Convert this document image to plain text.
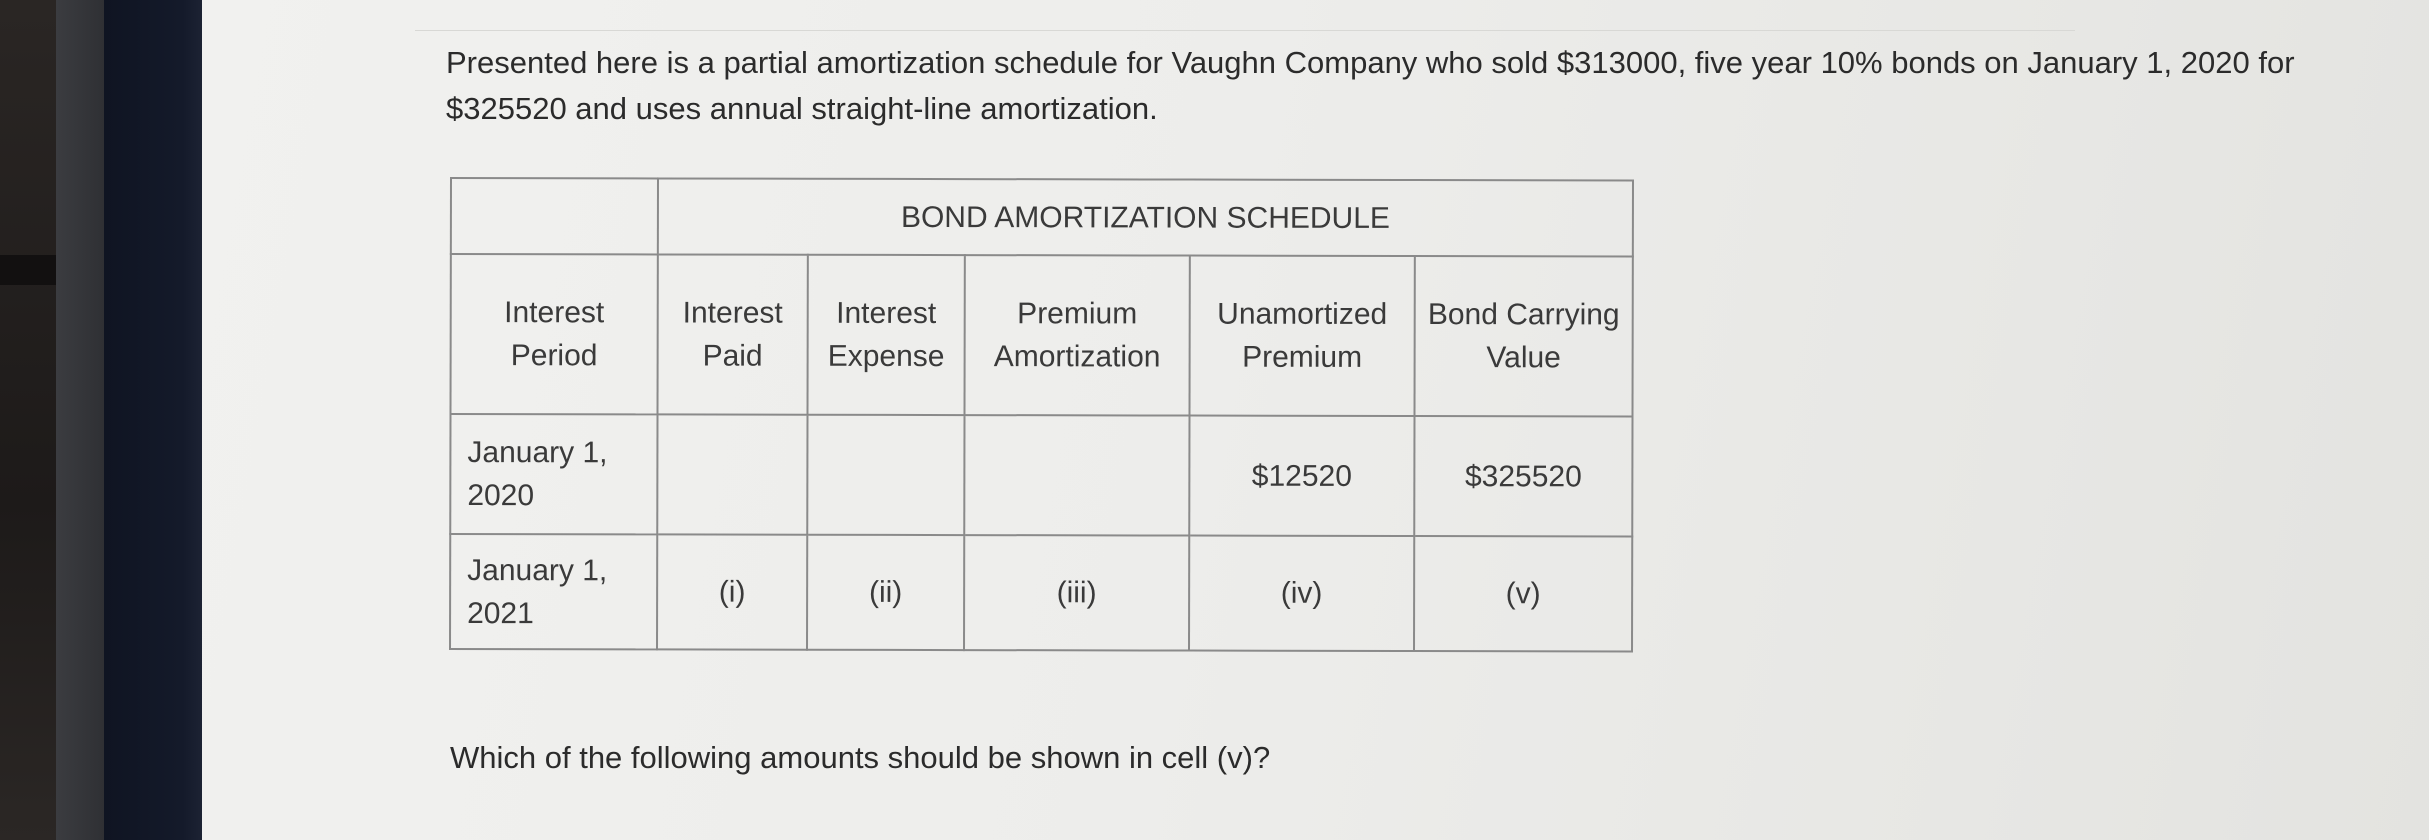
Presented here is a partial amortization schedule for Vaughn Company who sold $313000, five year 10% bonds on January 1, 2020 for $325520 and uses annual straight-line amortization.

	BOND AMORTIZATION SCHEDULE				
Interest Period	Interest Paid	Interest Expense	Premium Amortization	Unamortized Premium	Bond Carrying Value
January 1, 2020				$12520	$325520
January 1, 2021	(i)	(ii)	(iii)	(iv)	(v)

Which of the following amounts should be shown in cell (v)?
